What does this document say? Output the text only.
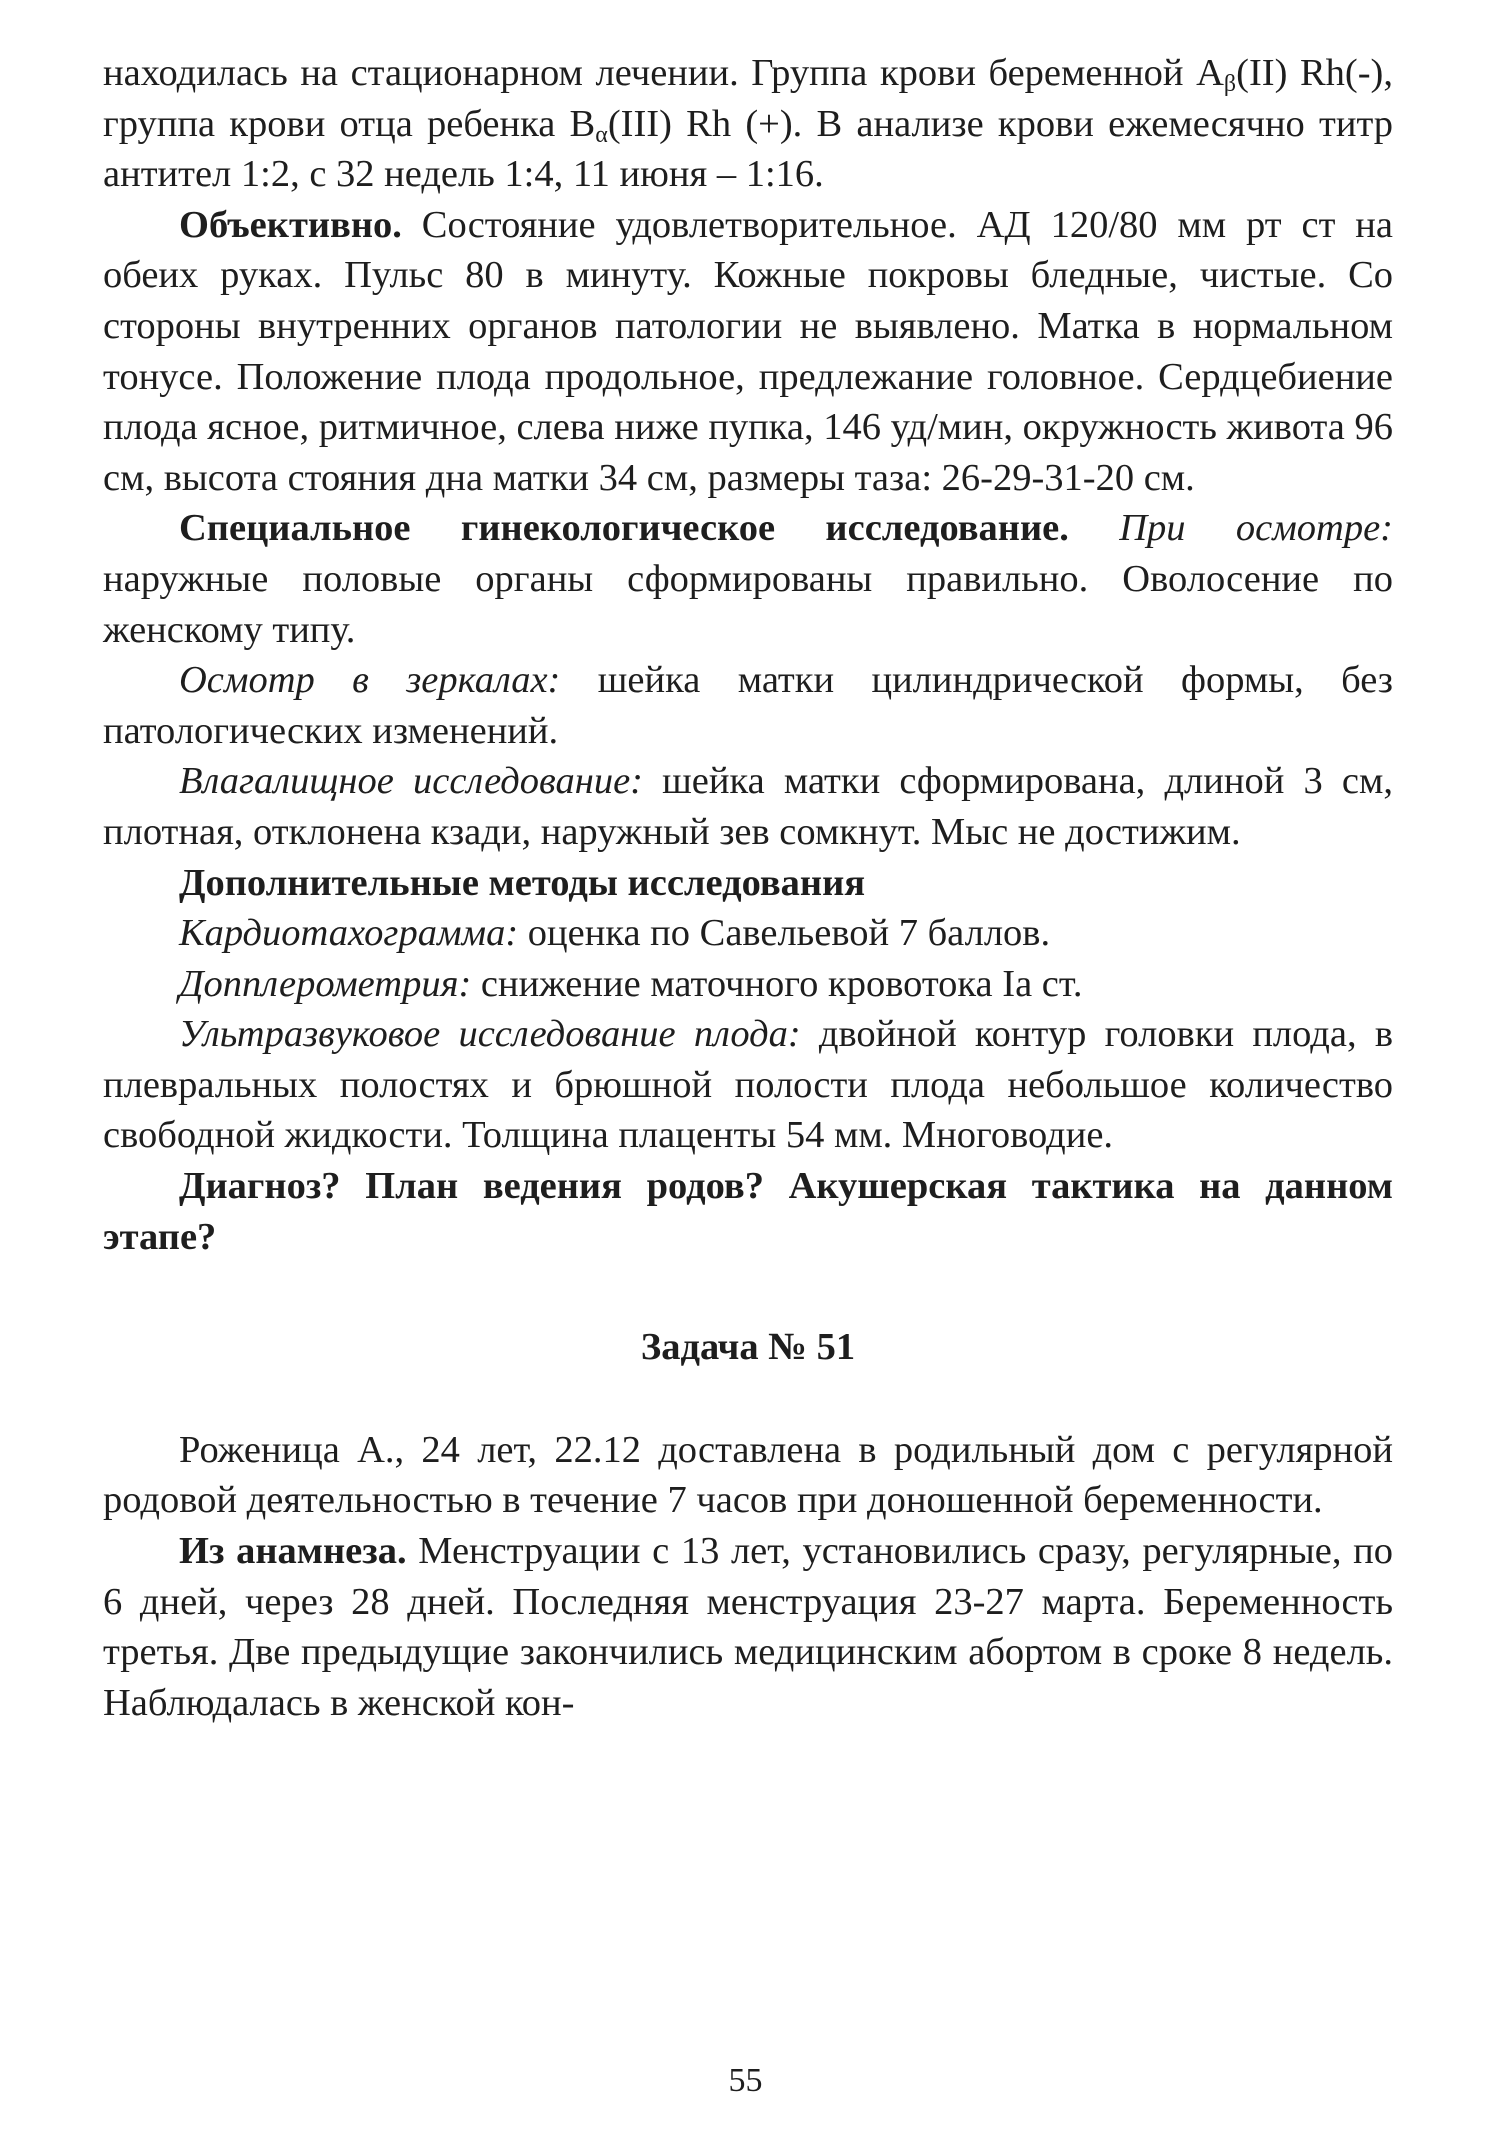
находилась на стационарном лечении. Группа крови беременной $A_\beta(II)$ Rh(-), группа крови отца ребенка $B_\alpha(III)$ Rh (+). В анализе крови ежемесячно титр антител 1:2, с 32 недель 1:4, 11 июня – 1:16.

Объективно. Состояние удовлетворительное. АД 120/80 мм рт ст на обеих руках. Пульс 80 в минуту. Кожные покровы бледные, чистые. Со стороны внутренних органов патологии не выявлено. Матка в нормальном тонусе. Положение плода продольное, предлежание головное. Сердцебиение плода ясное, ритмичное, слева ниже пупка, 146 уд/мин, окружность живота 96 см, высота стояния дна матки 34 см, размеры таза: 26-29-31-20 см.

Специальное гинекологическое исследование. При осмотре: наружные половые органы сформированы правильно. Оволосение по женскому типу.

Осмотр в зеркалах: шейка матки цилиндрической формы, без патологических изменений.

Влагалищное исследование: шейка матки сформирована, длиной 3 см, плотная, отклонена кзади, наружный зев сомкнут. Мыс не достижим.

Дополнительные методы исследования

Кардиотахограмма: оценка по Савельевой 7 баллов.

Допплерометрия: снижение маточного кровотока Ia ст.

Ультразвуковое исследование плода: двойной контур головки плода, в плевральных полостях и брюшной полости плода небольшое количество свободной жидкости. Толщина плаценты 54 мм. Многоводие.

Диагноз? План ведения родов? Акушерская тактика на данном этапе?

Задача № 51

Роженица А., 24 лет, 22.12 доставлена в родильный дом с регулярной родовой деятельностью в течение 7 часов при доношенной беременности.

Из анамнеза. Менструации с 13 лет, установились сразу, регулярные, по 6 дней, через 28 дней. Последняя менструация 23-27 марта. Беременность третья. Две предыдущие закончились медицинским абортом в сроке 8 недель. Наблюдалась в женской кон-

55
